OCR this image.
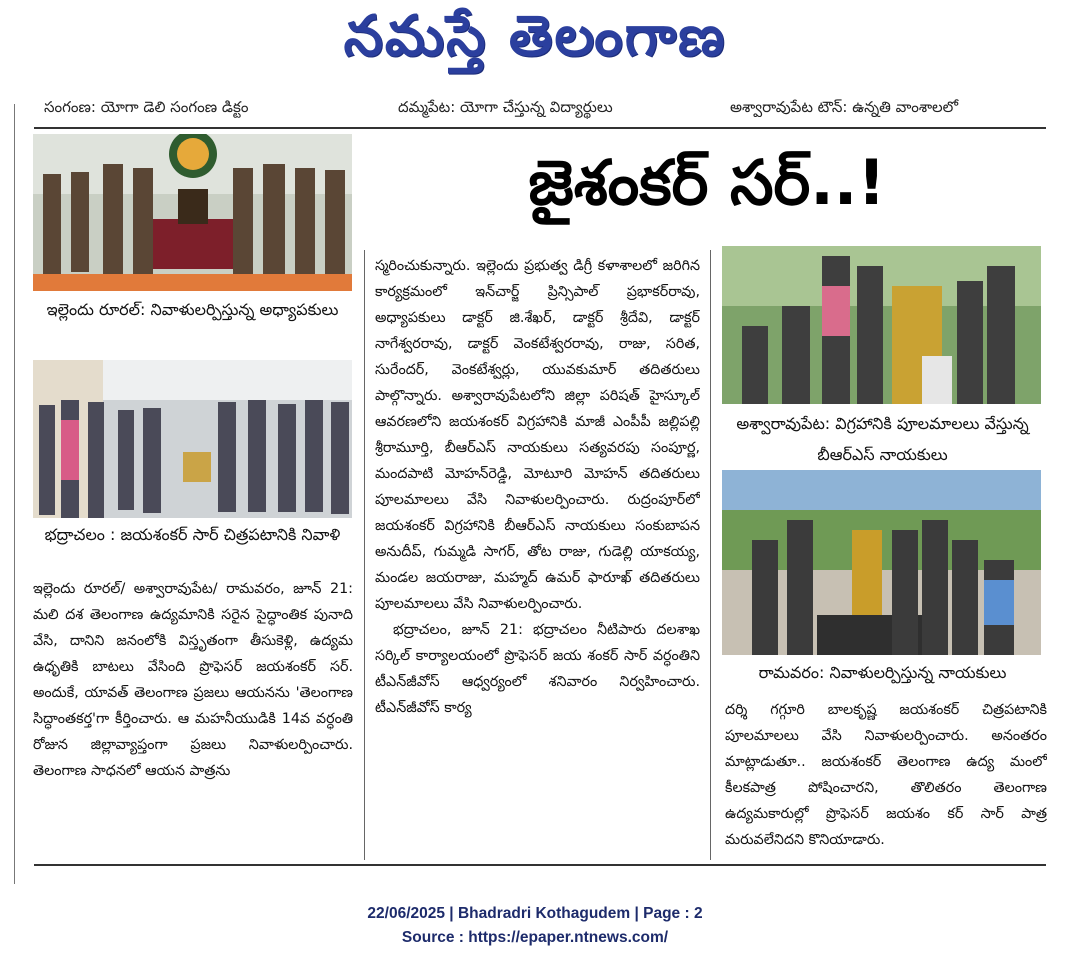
నమస్తే తెలంగాణ
సంగంణ: యోగా డెలి సంగంణ డిక్టం	దమ్మపేట: యోగా చేస్తున్న విద్యార్థులు	అశ్వారావుపేట టౌన్: ఉన్నతి వాంశాలలో
ఇల్లెందు రూరల్: నివాళులర్పిస్తున్న అధ్యాపకులు
భద్రాచలం : జయశంకర్ సార్ చిత్రపటానికి నివాళి

ఇల్లెందు రూరల్/ అశ్వారావుపేట/ రామవరం, జూన్ 21: మలి దశ తెలంగాణ ఉద్యమానికి సరైన సైద్ధాంతిక పునాది వేసి, దానిని జనంలోకి విస్తృతంగా తీసుకెళ్లి, ఉద్యమ ఉధృతికి బాటలు వేసింది ప్రొఫెసర్ జయశంకర్ సర్. అందుకే, యావత్ తెలంగాణ ప్రజలు ఆయనను 'తెలంగాణ సిద్ధాంతకర్త'గా కీర్తించారు. ఆ మహనీయుడికి 14వ వర్ధంతి రోజున జిల్లావ్యాప్తంగా ప్రజలు నివాళులర్పించారు. తెలంగాణ సాధనలో ఆయన పాత్రను

జైశంకర్ సర్..!

స్మరించుకున్నారు. ఇల్లెందు ప్రభుత్వ డిగ్రీ కళాశాలలో జరిగిన కార్యక్రమంలో ఇన్‌చార్జ్ ప్రిన్సిపాల్ ప్రభాకర్‌రావు, అధ్యాపకులు డాక్టర్ జి.శేఖర్, డాక్టర్ శ్రీదేవి, డాక్టర్ నాగేశ్వరరావు, డాక్టర్ వెంకటేశ్వరరావు, రాజు, సరిత, సురేందర్, వెంకటేశ్వర్లు, యువకుమార్ తదితరులు పాల్గొన్నారు. అశ్వారావుపేటలోని జిల్లా పరిషత్ హైస్కూల్ ఆవరణలోని జయశంకర్ విగ్రహానికి మాజీ ఎంపీపీ జల్లిపల్లి శ్రీరామూర్తి, బీఆర్ఎస్ నాయకులు సత్యవరపు సంపూర్ణ, మందపాటి మోహన్‌రెడ్డి, మోటూరి మోహన్ తదితరులు పూలమాలలు వేసి నివాళులర్పించారు. రుద్రంపూర్‌లో జయశంకర్ విగ్రహానికి బీఆర్ఎస్ నాయకులు సంకుబాపన అనుదీప్, గుమ్మడి సాగర్, తోట రాజు, గుడెల్లి యాకయ్య, మండల జయరాజు, మహ్మద్ ఉమర్ ఫారూఖ్ తదితరులు పూలమాలలు వేసి నివాళులర్పించారు.

భద్రాచలం, జూన్ 21: భద్రాచలం నీటిపారు దలశాఖ సర్కిల్ కార్యాలయంలో ప్రొఫెసర్ జయ శంకర్ సార్ వర్ధంతిని టీఎన్‌జీవోస్ ఆధ్వర్యంలో శనివారం నిర్వహించారు. టీఎన్‌జీవోస్ కార్య

అశ్వారావుపేట: విగ్రహానికి పూలమాలలు వేస్తున్న బీఆర్ఎస్ నాయకులు
రామవరం: నివాళులర్పిస్తున్న నాయకులు

దర్శి గగ్గూరి బాలకృష్ణ జయశంకర్ చిత్రపటానికి పూలమాలలు వేసి నివాళులర్పించారు. అనంతరం మాట్లాడుతూ.. జయశంకర్ తెలంగాణ ఉద్య మంలో కీలకపాత్ర పోషించారని, తొలితరం తెలంగాణ ఉద్యమకారుల్లో ప్రొఫెసర్ జయశం కర్ సార్ పాత్ర మరువలేనిదని కొనియాడారు.

22/06/2025 | Bhadradri Kothagudem | Page : 2
Source : https://epaper.ntnews.com/
